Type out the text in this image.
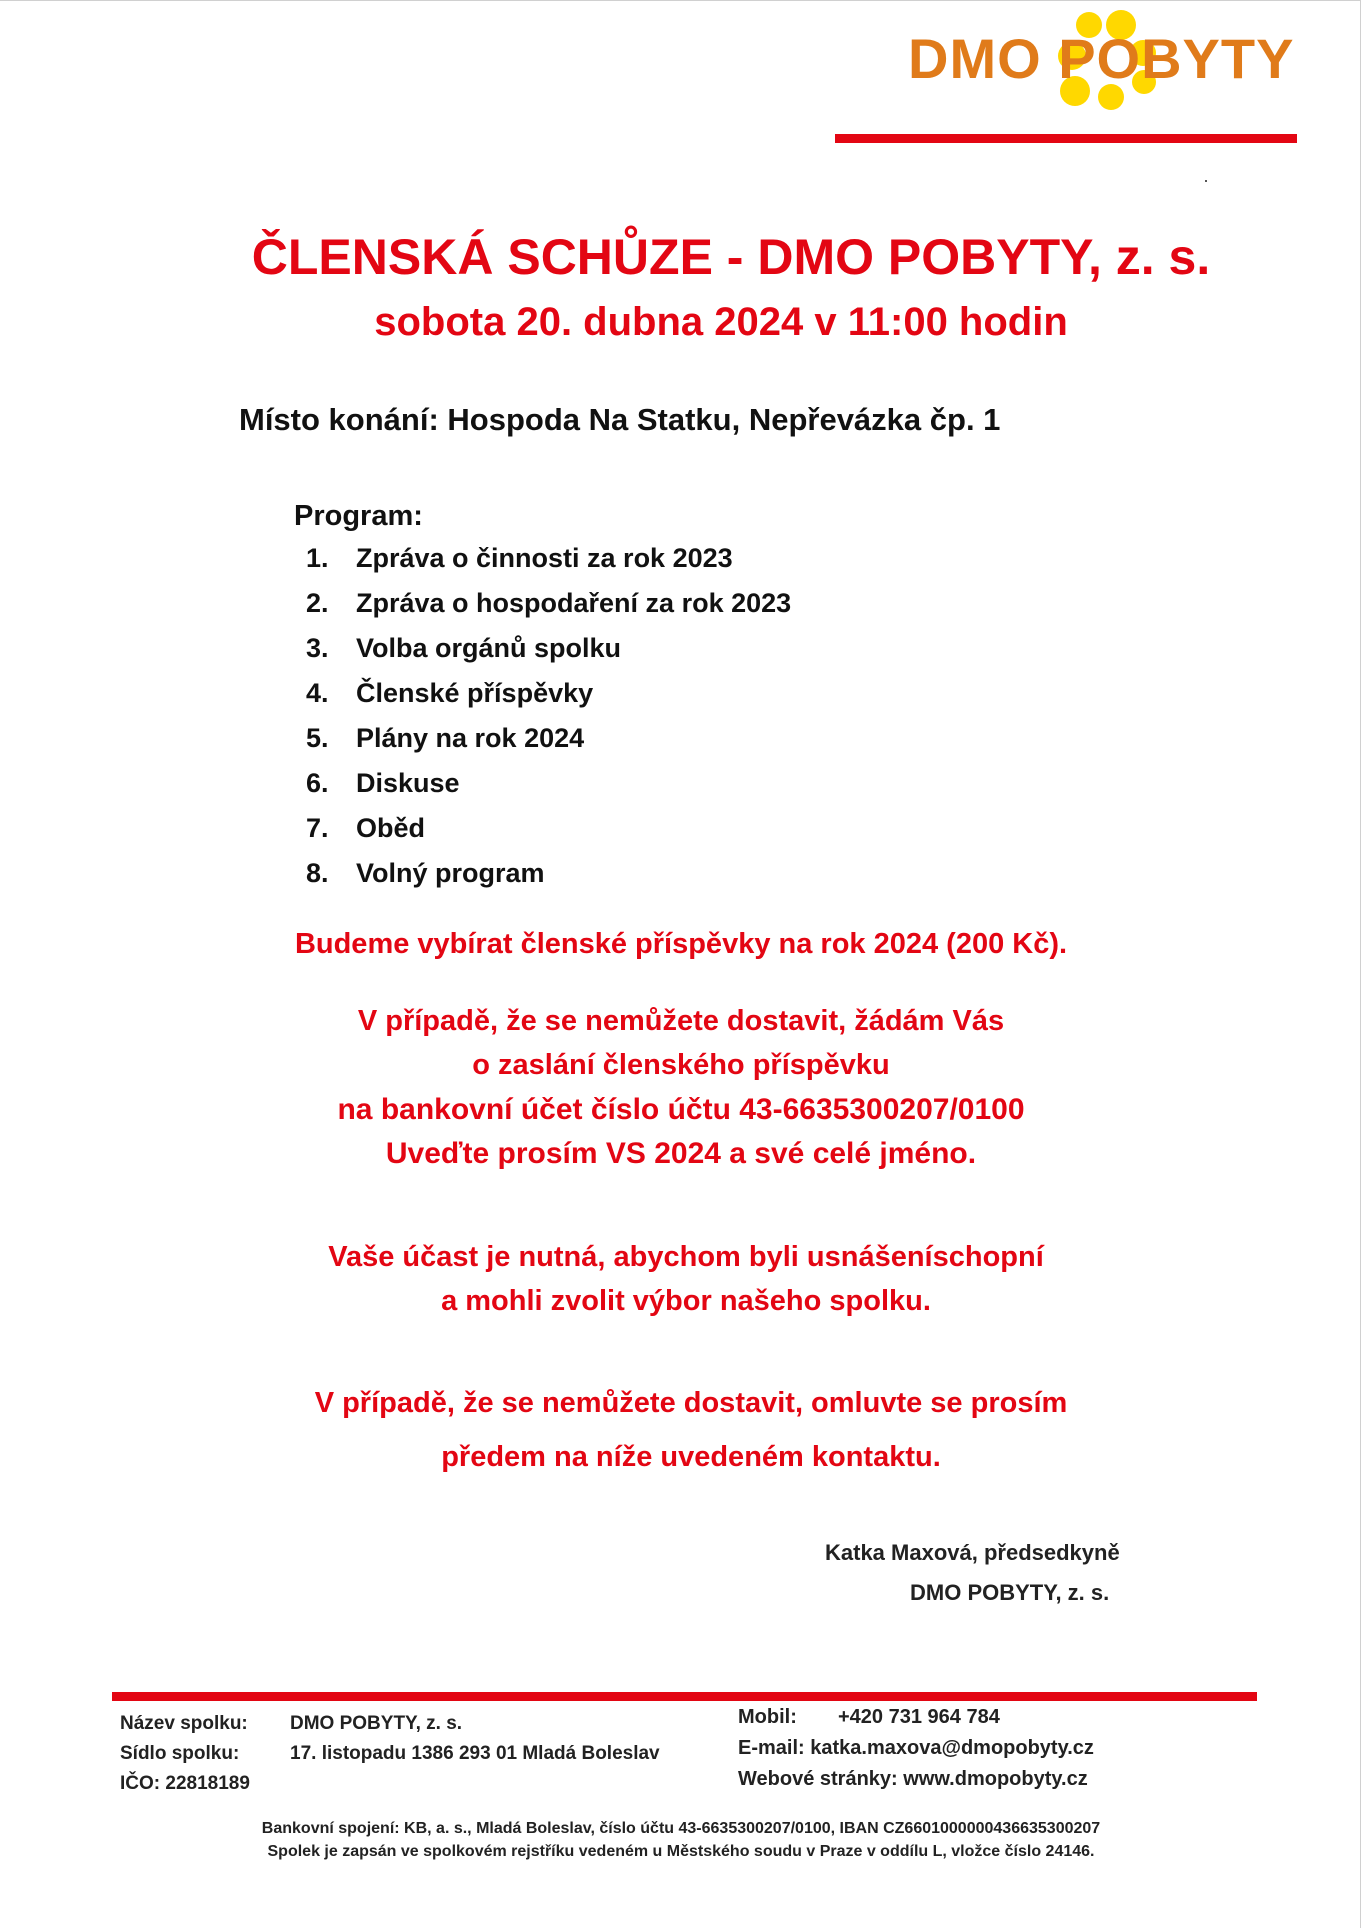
DMO POBYTY
ČLENSKÁ SCHŮZE - DMO POBYTY, z. s.
sobota 20. dubna 2024 v 11:00 hodin
Místo konání: Hospoda Na Statku, Nepřevázka čp. 1
Program:
1.	Zpráva o činnosti za rok 2023
2.	Zpráva o hospodaření za rok 2023
3.	Volba orgánů spolku
4.	Členské příspěvky
5.	Plány na rok 2024
6.	Diskuse
7.	Oběd
8.	Volný program
Budeme vybírat členské příspěvky na rok 2024 (200 Kč).
V případě, že se nemůžete dostavit, žádám Vás
o zaslání členského příspěvku
na bankovní účet číslo účtu 43-6635300207/0100
Uveďte prosím VS 2024 a své celé jméno.
Vaše účast je nutná, abychom byli usnášeníschopní
a mohli zvolit výbor našeho spolku.
V případě, že se nemůžete dostavit, omluvte se prosím
předem na níže uvedeném kontaktu.
Katka Maxová, předsedkyně
DMO POBYTY, z. s.
Název spolku:	DMO POBYTY, z. s.
Sídlo spolku:	17. listopadu 1386 293 01 Mladá Boleslav
IČO: 22818189
Mobil:	+420 731 964 784
E-mail: katka.maxova@dmopobyty.cz
Webové stránky: www.dmopobyty.cz
Bankovní spojení: KB, a. s., Mladá Boleslav, číslo účtu 43-6635300207/0100, IBAN CZ6601000000436635300207
Spolek je zapsán ve spolkovém rejstříku vedeném u Městského soudu v Praze v oddílu L, vložce číslo 24146.
